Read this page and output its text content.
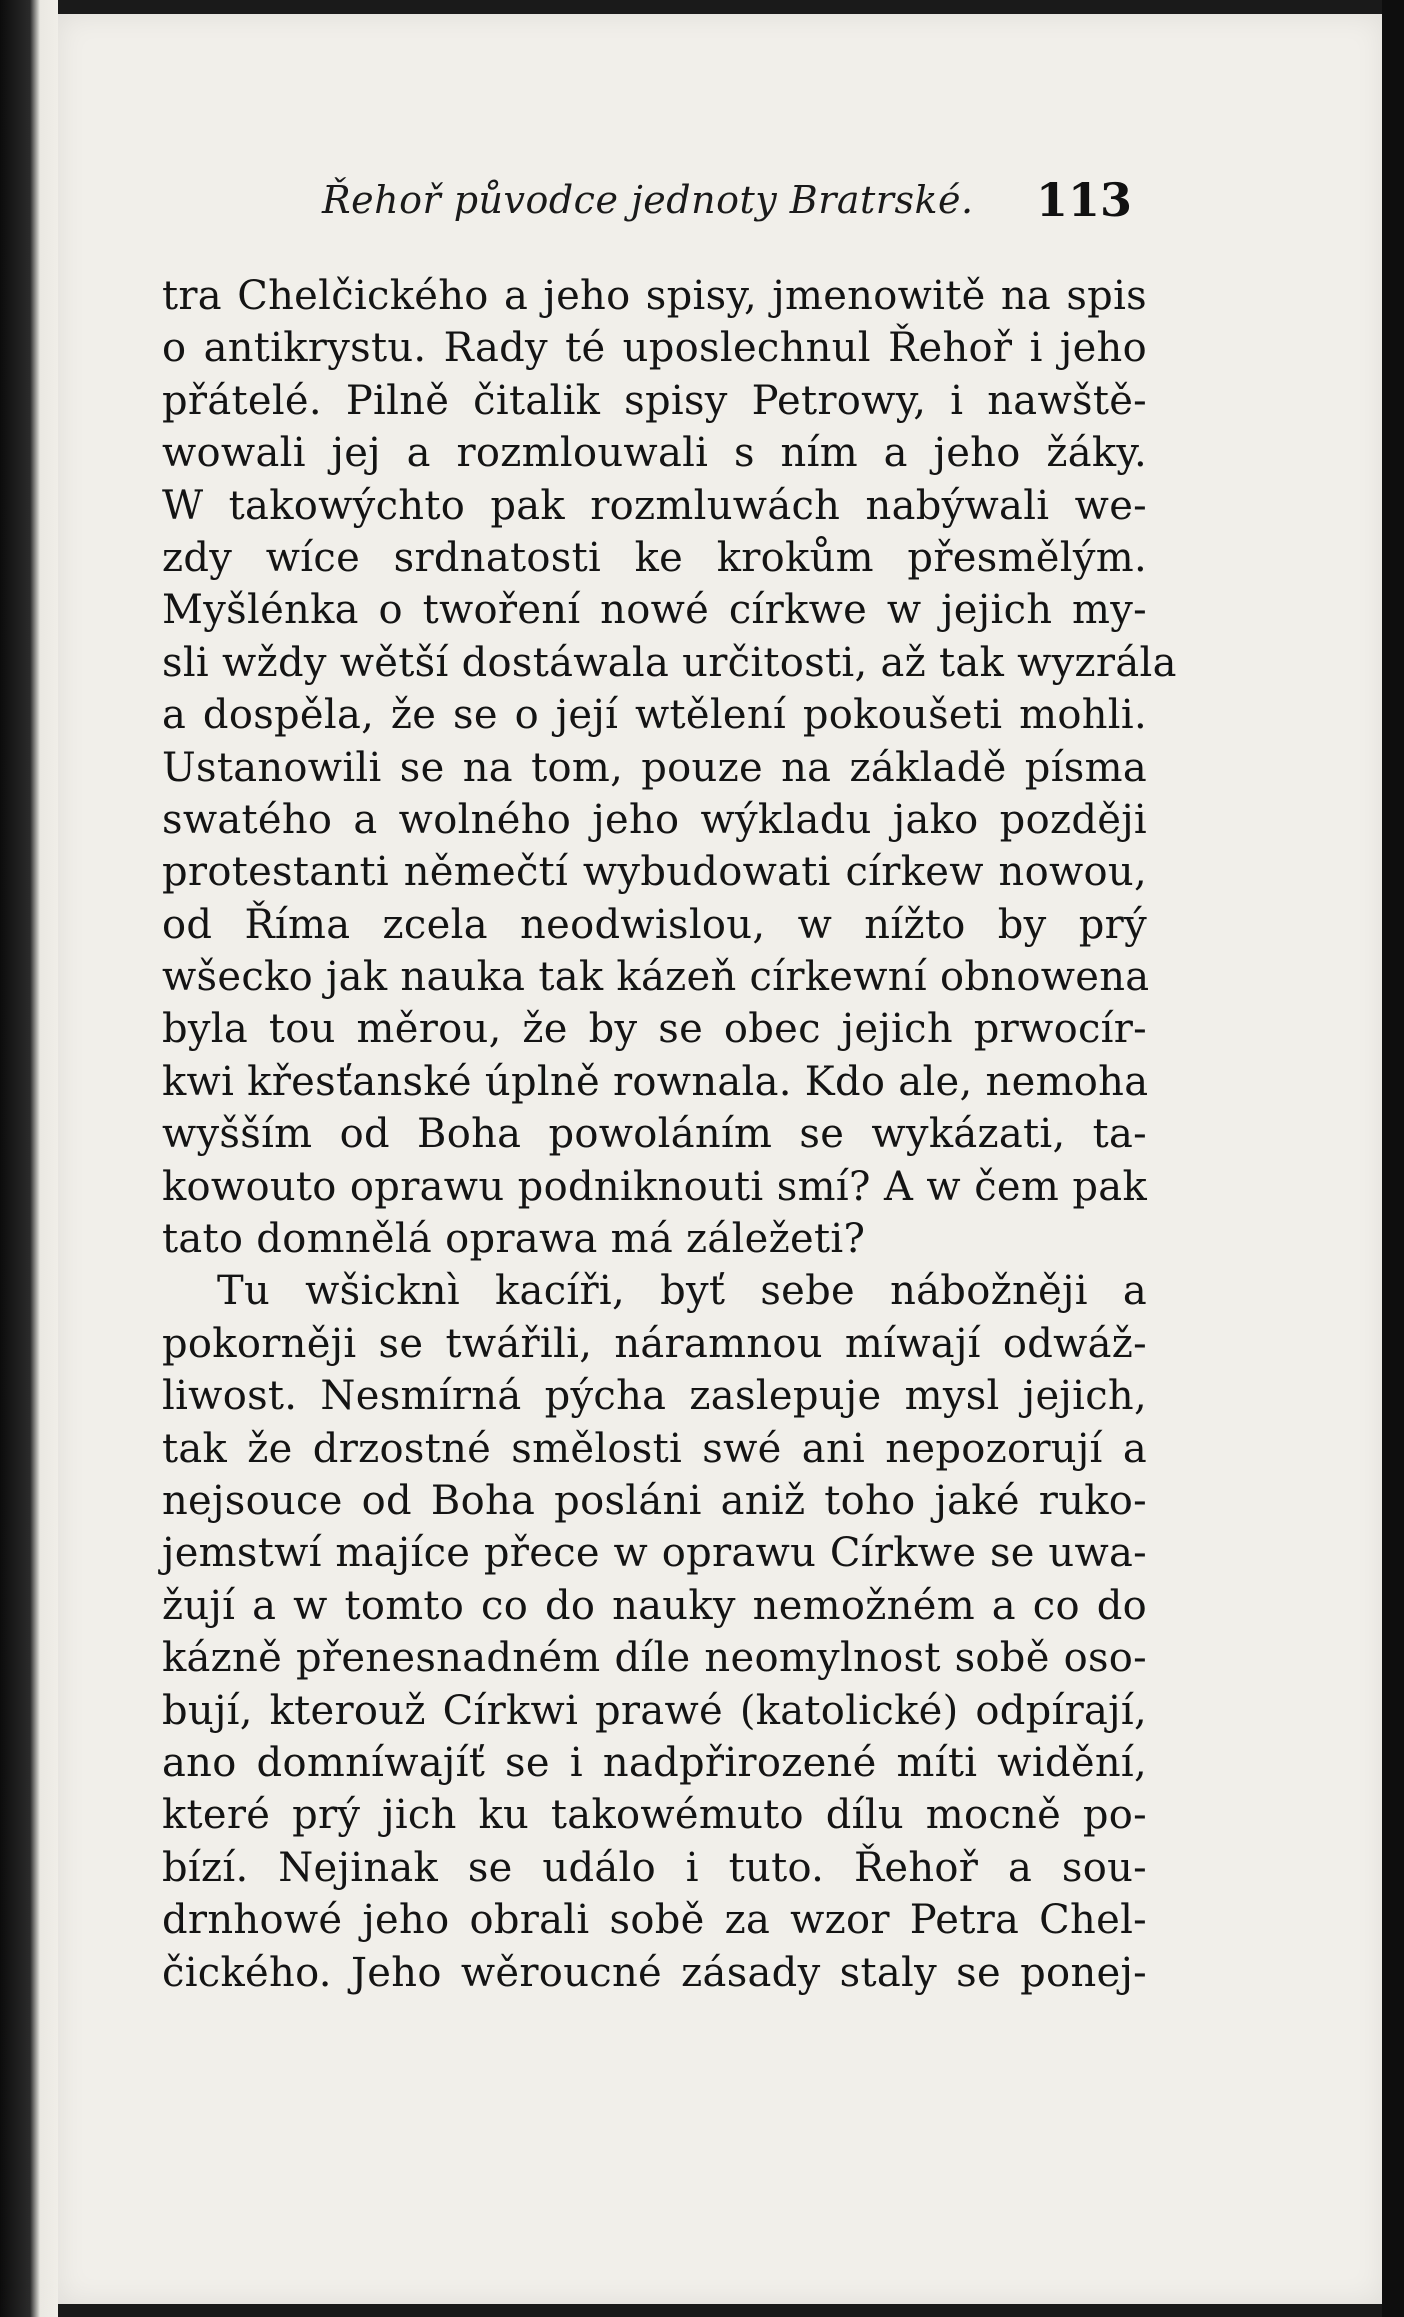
Řehoř původce jednoty Bratrské. 113
tra Chelčického a jeho spisy, jmenowitě na spis
o antikrystu. Rady té uposlechnul Řehoř i jeho
přátelé. Pilně čitalik spisy Petrowy, i nawště-
wowali jej a rozmlouwali s ním a jeho žáky.
W takowýchto pak rozmluwách nabýwali we-
zdy wíce srdnatosti ke krokům přesmělým.
Myšlénka o twoření nowé církwe w jejich my-
sli wždy wětší dostáwala určitosti, až tak wyzrála
a dospěla, že se o její wtělení pokoušeti mohli.
Ustanowili se na tom, pouze na základě písma
swatého a wolného jeho wýkladu jako později
protestanti němečtí wybudowati církew nowou,
od Říma zcela neodwislou, w nížto by prý
wšecko jak nauka tak kázeň církewní obnowena
byla tou měrou, že by se obec jejich prwocír-
kwi křesťanské úplně rownala. Kdo ale, nemoha
wyšším od Boha powoláním se wykázati, ta-
kowouto oprawu podniknouti smí? A w čem pak
tato domnělá oprawa má záležeti?
Tu wšicknì kacíři, byť sebe nábožněji a
pokorněji se twářili, náramnou míwají odwáž-
liwost. Nesmírná pýcha zaslepuje mysl jejich,
tak že drzostné smělosti swé ani nepozorují a
nejsouce od Boha posláni aniž toho jaké ruko-
jemstwí majíce přece w oprawu Církwe se uwa-
žují a w tomto co do nauky nemožném a co do
kázně přenesnadném díle neomylnost sobě oso-
bují, kterouž Církwi prawé (katolické) odpírají,
ano domníwajíť se i nadpřirozené míti widění,
které prý jich ku takowémuto dílu mocně po-
bízí. Nejinak se událo i tuto. Řehoř a sou-
drnhowé jeho obrali sobě za wzor Petra Chel-
čického. Jeho wěroucné zásady staly se ponej-
